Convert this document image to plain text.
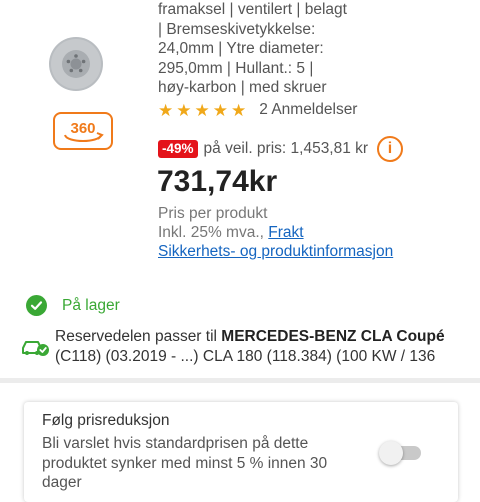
360
framaksel | ventilert | belagt
| Bremseskivetykkelse:
24,0mm | Ytre diameter:
295,0mm | Hullant.: 5 |
høy-karbon | med skruer
★ ★ ★ ★ ★ 2 Anmeldelser
-49% på veil. pris: 1,453,81 kr	i
731,74kr
Pris per produkt
Inkl. 25% mva., Frakt
Sikkerhets- og produktinformasjon
På lager
Reservedelen passer til MERCEDES-BENZ CLA Coupé
(C118) (03.2019 - ...) CLA 180 (118.384) (100 KW / 136
Følg prisreduksjon
Bli varslet hvis standardprisen på dette
produktet synker med minst 5 % innen 30
dager
